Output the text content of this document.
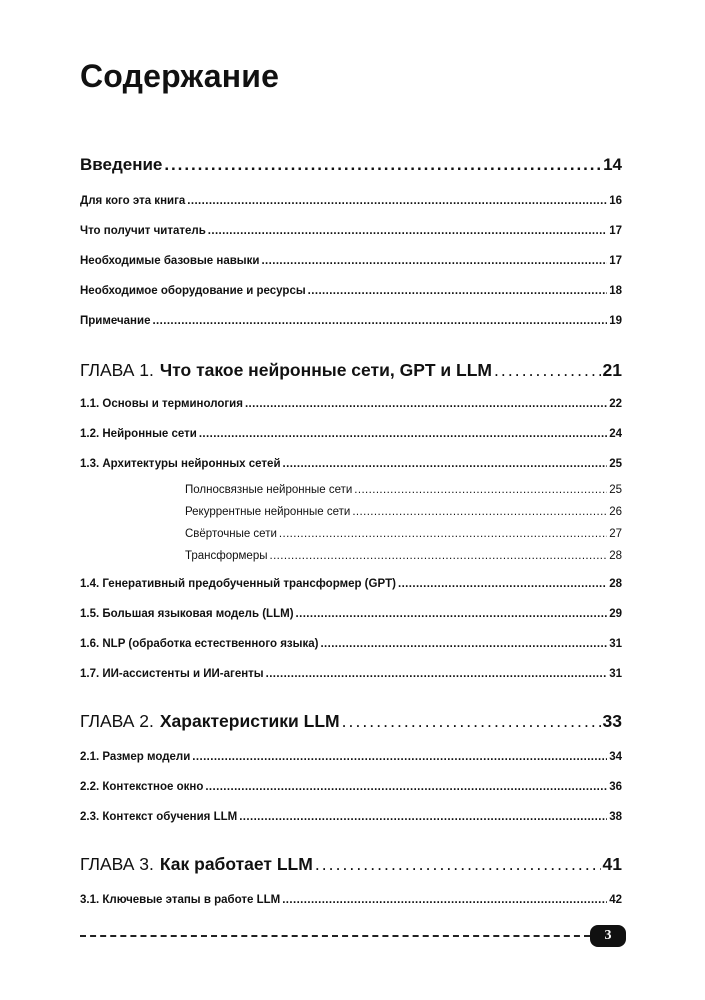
Содержание
Введение . . .	14
Для кого эта книга . . .	16
Что получит читатель . . .	17
Необходимые базовые навыки . . .	17
Необходимое оборудование и ресурсы . . .	18
Примечание . . .	19
ГЛАВА 1. Что такое нейронные сети, GPT и LLM . . .	21
1.1. Основы и терминология . . .	22
1.2. Нейронные сети . . .	24
1.3. Архитектуры нейронных сетей . . .	25
Полносвязные нейронные сети . . .	25
Рекуррентные нейронные сети . . .	26
Свёрточные сети . . .	27
Трансформеры . . .	28
1.4. Генеративный предобученный трансформер (GPT) . . .	28
1.5. Большая языковая модель (LLM) . . .	29
1.6. NLP (обработка естественного языка) . . .	31
1.7. ИИ-ассистенты и ИИ-агенты . . .	31
ГЛАВА 2. Характеристики LLM . . .	33
2.1. Размер модели . . .	34
2.2. Контекстное окно . . .	36
2.3. Контекст обучения LLM . . .	38
ГЛАВА 3. Как работает LLM . . .	41
3.1. Ключевые этапы в работе LLM . . .	42
3
